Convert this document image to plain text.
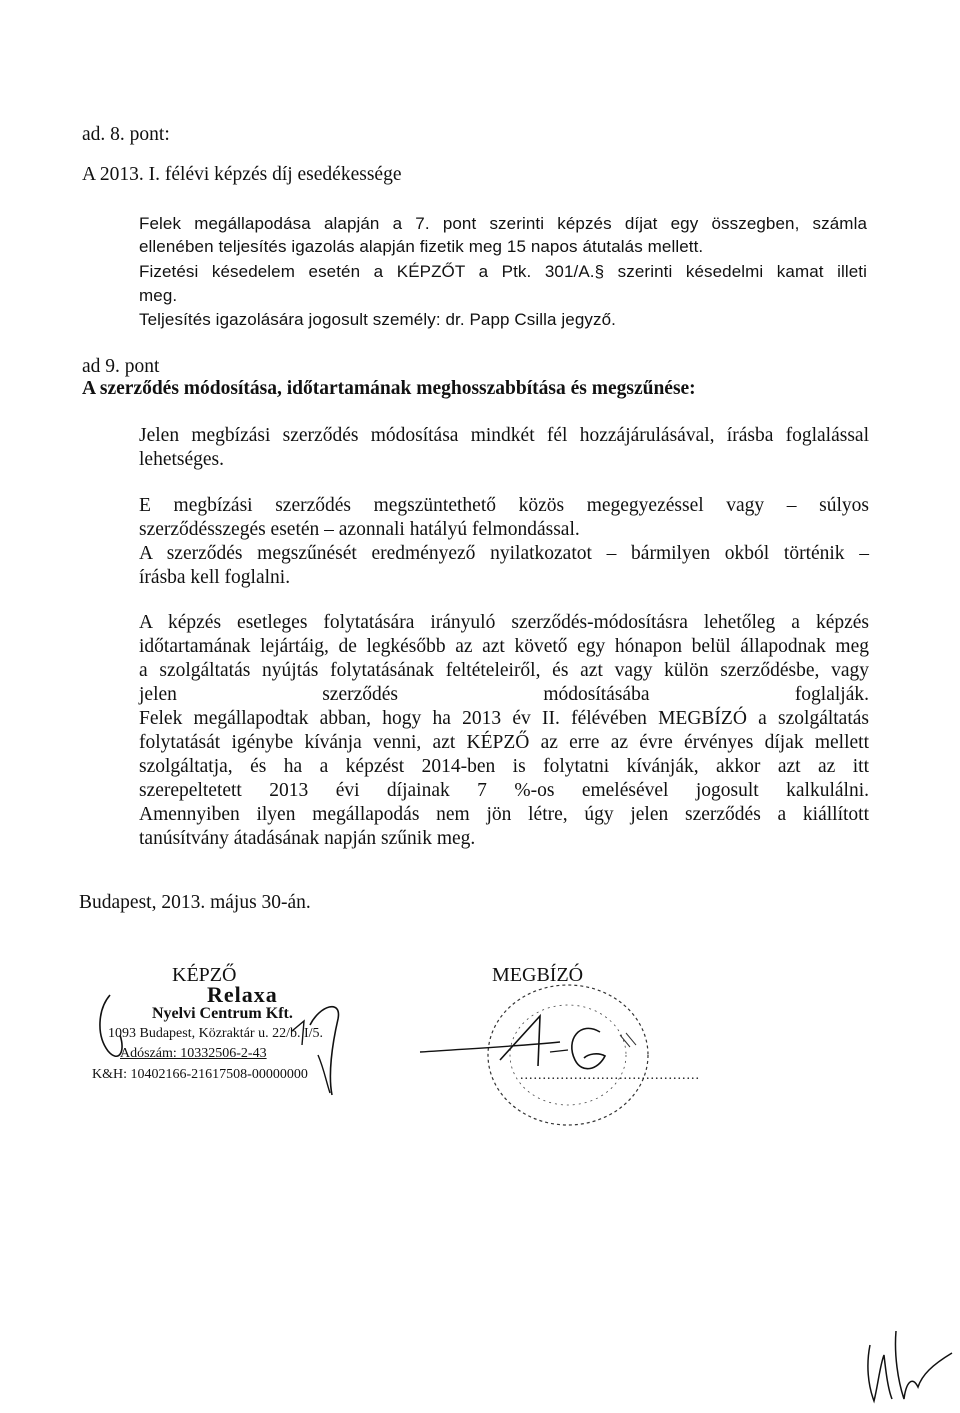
ad. 8. pont:
A 2013. I. félévi képzés díj esedékessége
Felek megállapodása alapján a 7. pont szerinti képzés díjat egy összegben, számla
ellenében teljesítés igazolás alapján fizetik meg 15 napos átutalás mellett.
Fizetési késedelem esetén a KÉPZŐT a Ptk. 301/A.§ szerinti késedelmi kamat illeti
meg.
Teljesítés igazolására jogosult személy: dr. Papp Csilla jegyző.
ad 9. pont
A szerződés módosítása, időtartamának meghosszabbítása és megszűnése:
Jelen megbízási szerződés módosítása mindkét fél hozzájárulásával, írásba foglalással
lehetséges.
E megbízási szerződés megszüntethető közös megegyezéssel vagy – súlyos
szerződésszegés esetén – azonnali hatályú felmondással.
A szerződés megszűnését eredményező nyilatkozatot – bármilyen okból történik –
írásba kell foglalni.
A képzés esetleges folytatására irányuló szerződés-módosításra lehetőleg a képzés
időtartamának lejártáig, de legkésőbb az azt követő egy hónapon belül állapodnak meg
a szolgáltatás nyújtás folytatásának feltételeiről, és azt vagy külön szerződésbe, vagy
jelen szerződés módosításába foglalják.
Felek megállapodtak abban, hogy ha 2013 év II. félévében MEGBÍZÓ a szolgáltatás
folytatását igénybe kívánja venni, azt KÉPZŐ az erre az évre érvényes díjak mellett
szolgáltatja, és ha a képzést 2014-ben is folytatni kívánják, akkor azt az itt
szerepeltetett 2013 évi díjainak 7 %-os emelésével jogosult kalkulálni.
Amennyiben ilyen megállapodás nem jön létre, úgy jelen szerződés a kiállított
tanúsítvány átadásának napján szűnik meg.
Budapest, 2013. május 30-án.
KÉPZŐ	MEGBÍZÓ
Relaxa
Nyelvi Centrum Kft.
1093 Budapest, Közraktár u. 22/b. I/5.
Adószám: 10332506-2-43
K&H: 10402166-21617508-00000000	........................................
